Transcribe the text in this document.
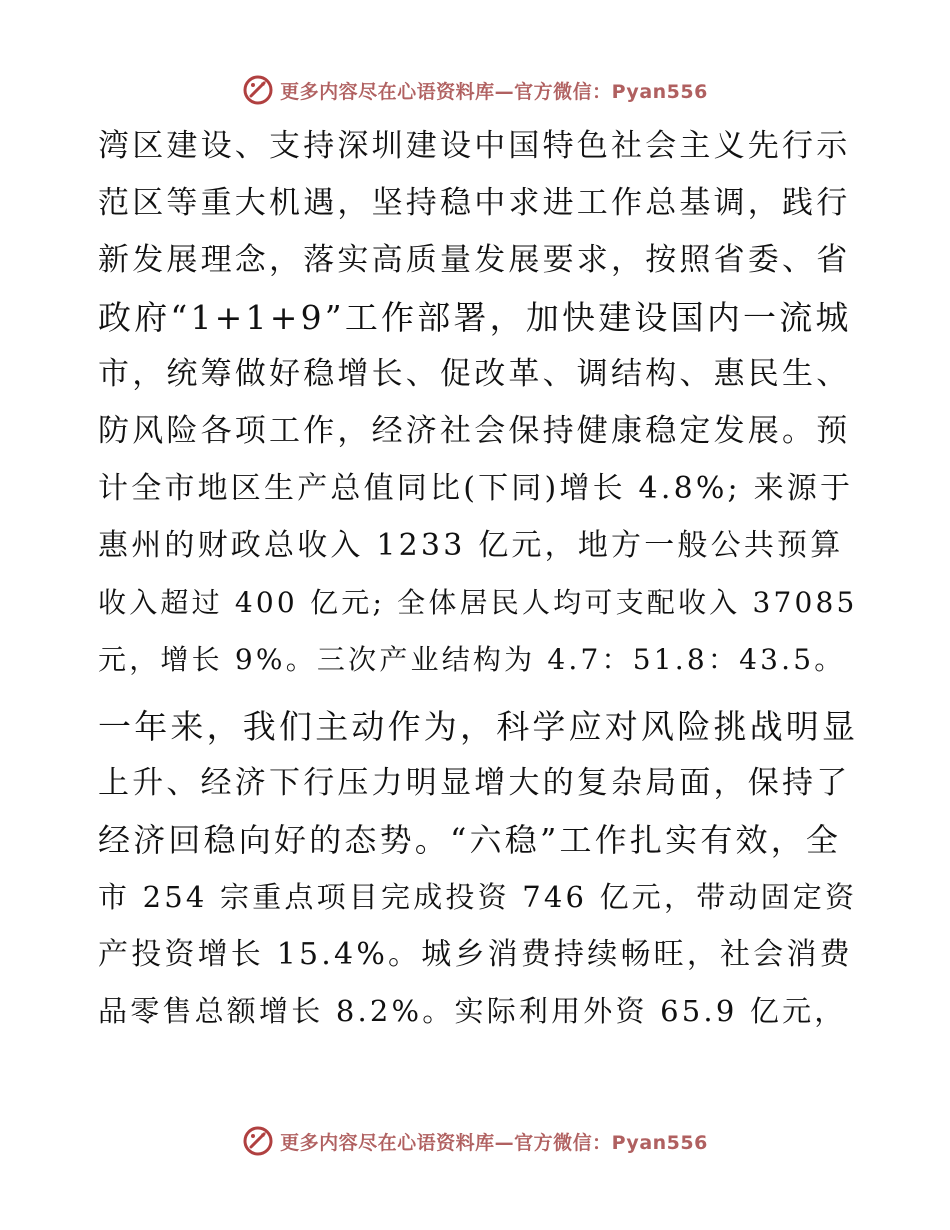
更多内容尽在心语资料库—官方微信：Pyan556
湾区建设、支持深圳建设中国特色社会主义先行示
范区等重大机遇，坚持稳中求进工作总基调，践行
新发展理念，落实高质量发展要求，按照省委、省
政府“1+1+9”工作部署，加快建设国内一流城
市，统筹做好稳增长、促改革、调结构、惠民生、
防风险各项工作，经济社会保持健康稳定发展。预
计全市地区生产总值同比(下同)增长 4.8%; 来源于
惠州的财政总收入 1233 亿元，地方一般公共预算
收入超过 400 亿元; 全体居民人均可支配收入 37085
元，增长 9%。三次产业结构为 4.7：51.8：43.5。
一年来，我们主动作为，科学应对风险挑战明显
上升、经济下行压力明显增大的复杂局面，保持了
经济回稳向好的态势。“六稳”工作扎实有效，全
市 254 宗重点项目完成投资 746 亿元，带动固定资
产投资增长 15.4%。城乡消费持续畅旺，社会消费
品零售总额增长 8.2%。实际利用外资 65.9 亿元，
更多内容尽在心语资料库—官方微信：Pyan556
